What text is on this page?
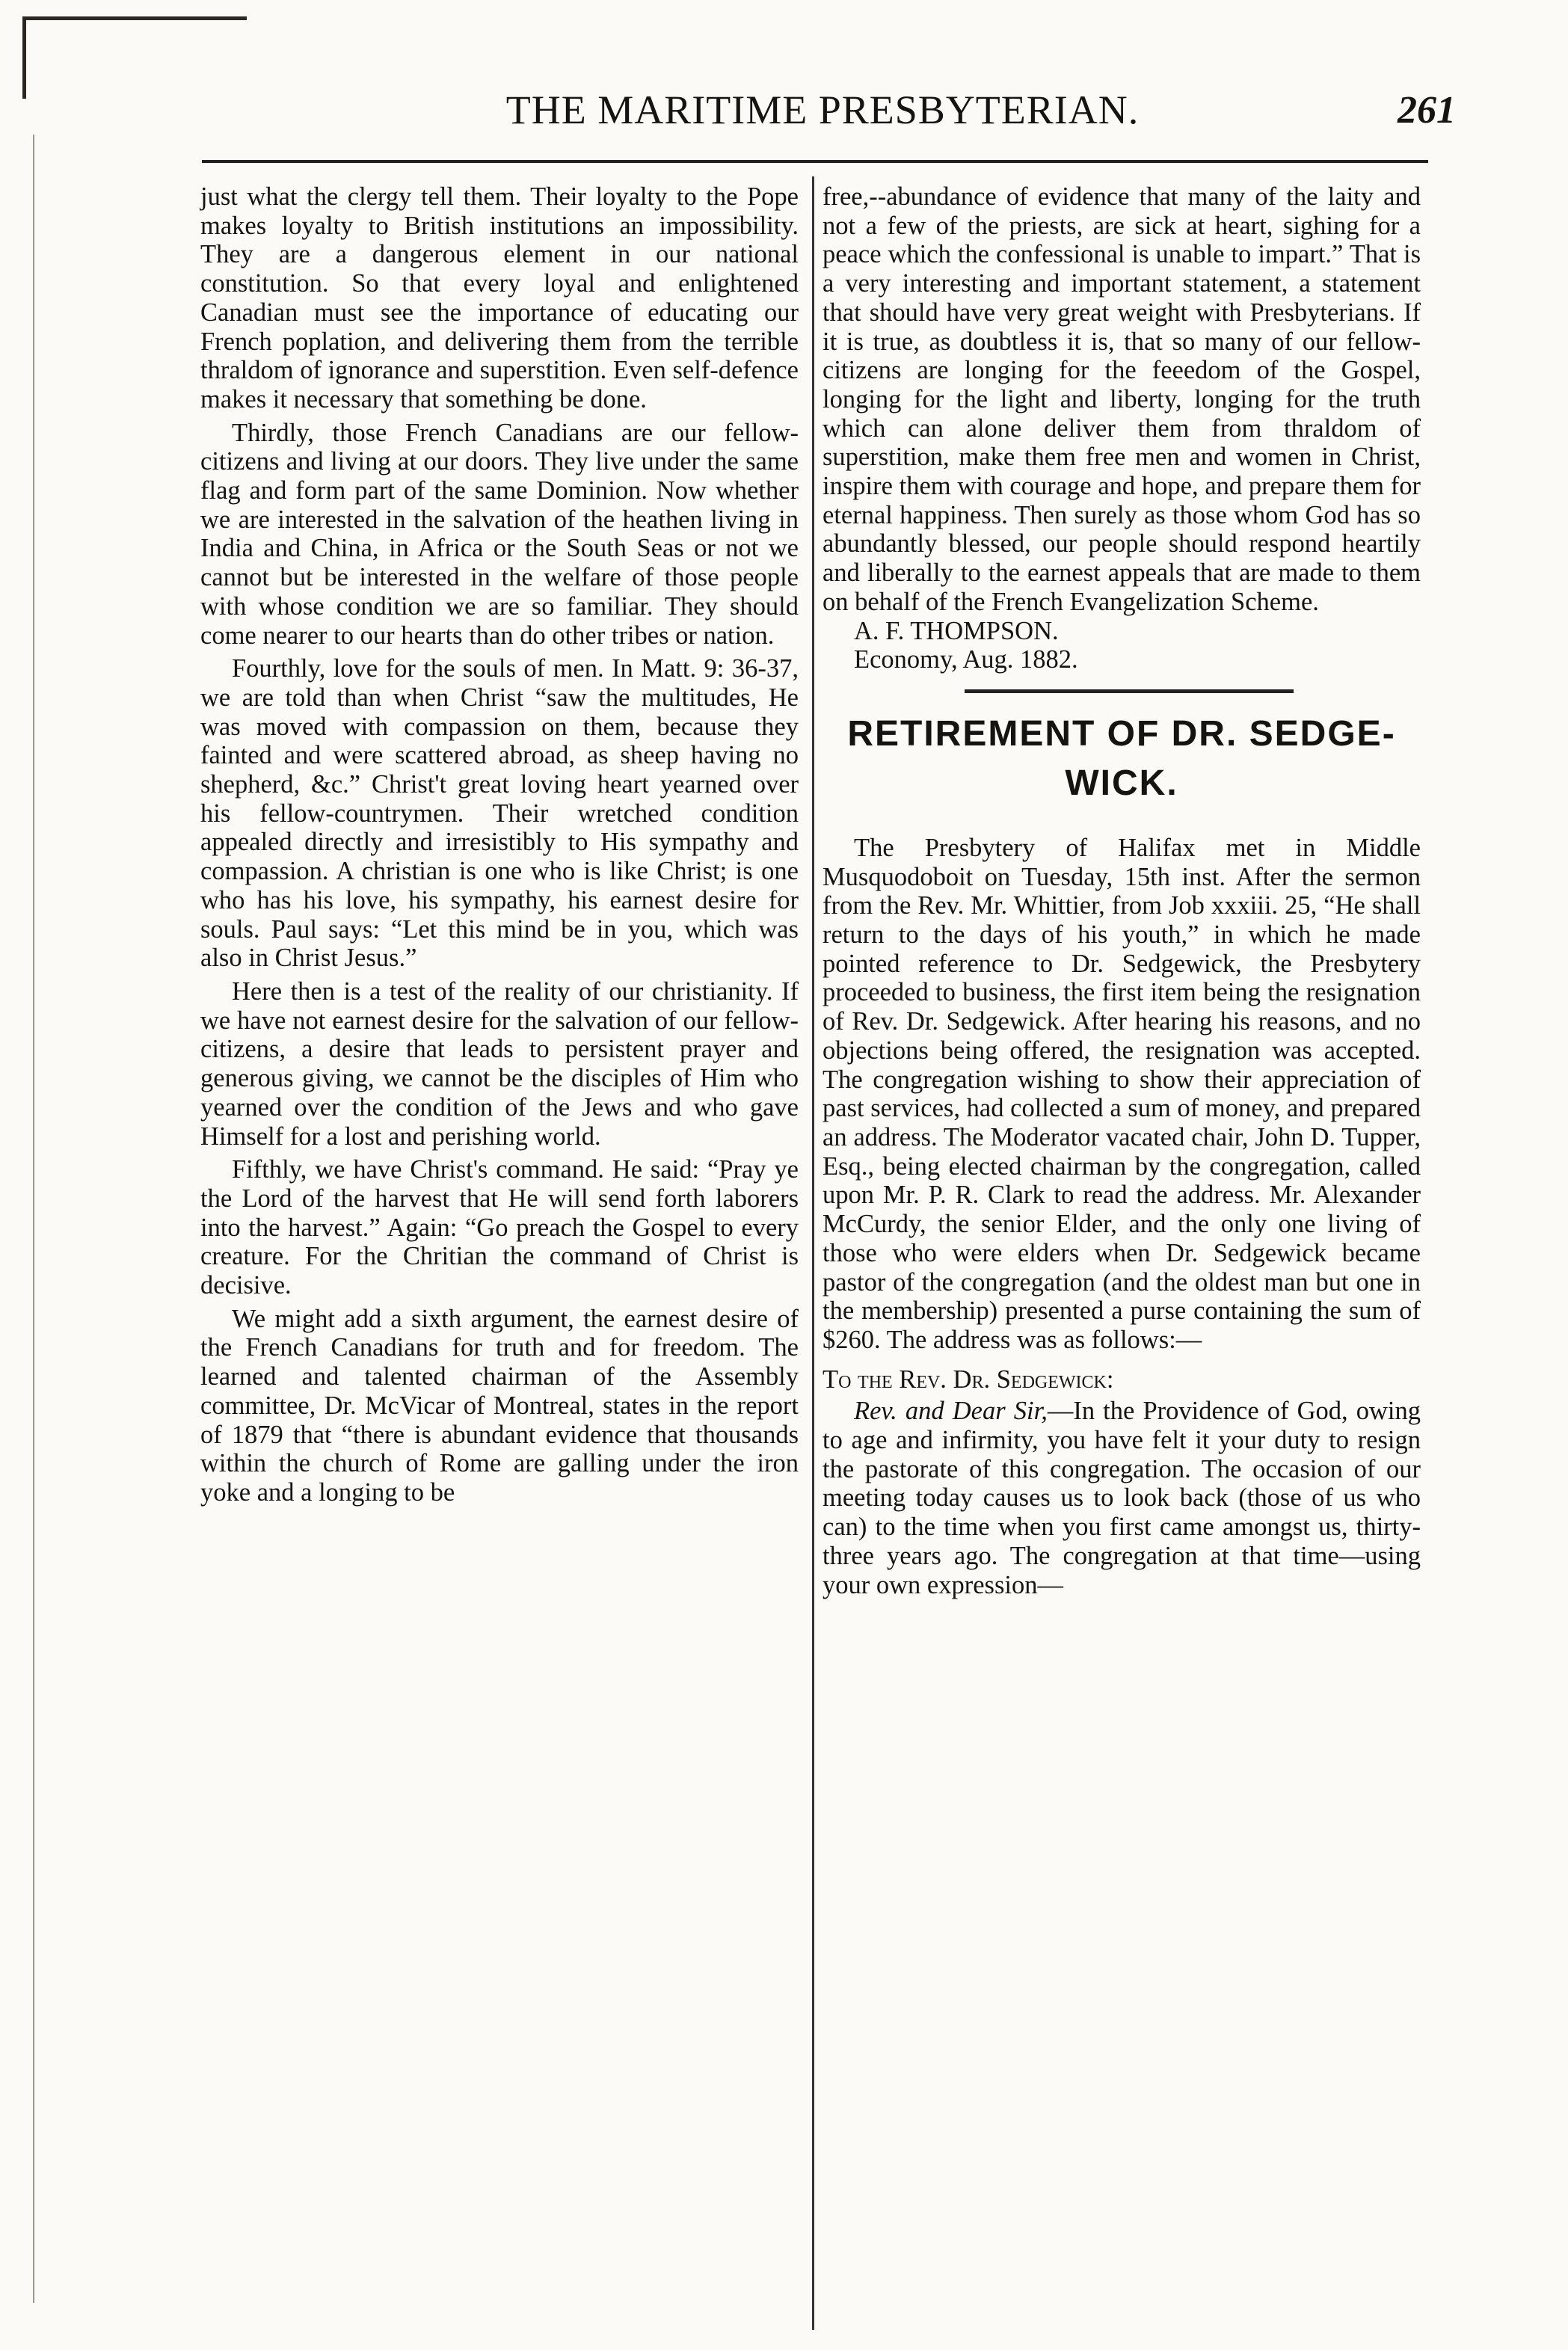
THE MARITIME PRESBYTERIAN.	261

just what the clergy tell them. Their loyalty to the Pope makes loyalty to British institutions an impossibility. They are a dangerous element in our national constitution. So that every loyal and enlightened Canadian must see the importance of educating our French poplation, and delivering them from the terrible thraldom of ignorance and superstition. Even self-defence makes it necessary that something be done.

Thirdly, those French Canadians are our fellow-citizens and living at our doors. They live under the same flag and form part of the same Dominion. Now whether we are interested in the salvation of the heathen living in India and China, in Africa or the South Seas or not we cannot but be interested in the welfare of those people with whose condition we are so familiar. They should come nearer to our hearts than do other tribes or nation.

Fourthly, love for the souls of men. In Matt. 9: 36-37, we are told than when Christ “saw the multitudes, He was moved with compassion on them, because they fainted and were scattered abroad, as sheep having no shepherd, &c.” Christ't great loving heart yearned over his fellow-countrymen. Their wretched condition appealed directly and irresistibly to His sympathy and compassion. A christian is one who is like Christ; is one who has his love, his sympathy, his earnest desire for souls. Paul says: “Let this mind be in you, which was also in Christ Jesus.”

Here then is a test of the reality of our christianity. If we have not earnest desire for the salvation of our fellow-citizens, a desire that leads to persistent prayer and generous giving, we cannot be the disciples of Him who yearned over the condition of the Jews and who gave Himself for a lost and perishing world.

Fifthly, we have Christ's command. He said: “Pray ye the Lord of the harvest that He will send forth laborers into the harvest.” Again: “Go preach the Gospel to every creature. For the Chritian the command of Christ is decisive.

We might add a sixth argument, the earnest desire of the French Canadians for truth and for freedom. The learned and talented chairman of the Assembly committee, Dr. McVicar of Montreal, states in the report of 1879 that “there is abundant evidence that thousands within the church of Rome are galling under the iron yoke and a longing to be

free,--abundance of evidence that many of the laity and not a few of the priests, are sick at heart, sighing for a peace which the confessional is unable to impart.” That is a very interesting and important statement, a statement that should have very great weight with Presbyterians. If it is true, as doubtless it is, that so many of our fellow-citizens are longing for the feeedom of the Gospel, longing for the light and liberty, longing for the truth which can alone deliver them from thraldom of superstition, make them free men and women in Christ, inspire them with courage and hope, and prepare them for eternal happiness. Then surely as those whom God has so abundantly blessed, our people should respond heartily and liberally to the earnest appeals that are made to them on behalf of the French Evangelization Scheme.

A. F. THOMPSON.

Economy, Aug. 1882.

RETIREMENT OF DR. SEDGE-
WICK.

The Presbytery of Halifax met in Middle Musquodoboit on Tuesday, 15th inst. After the sermon from the Rev. Mr. Whittier, from Job xxxiii. 25, “He shall return to the days of his youth,” in which he made pointed reference to Dr. Sedgewick, the Presbytery proceeded to business, the first item being the resignation of Rev. Dr. Sedgewick. After hearing his reasons, and no objections being offered, the resignation was accepted. The congregation wishing to show their appreciation of past services, had collected a sum of money, and prepared an address. The Moderator vacated chair, John D. Tupper, Esq., being elected chairman by the congregation, called upon Mr. P. R. Clark to read the address. Mr. Alexander McCurdy, the senior Elder, and the only one living of those who were elders when Dr. Sedgewick became pastor of the congregation (and the oldest man but one in the membership) presented a purse containing the sum of $260. The address was as follows:—

To the Rev. Dr. Sedgewick:

Rev. and Dear Sir,—In the Providence of God, owing to age and infirmity, you have felt it your duty to resign the pastorate of this congregation. The occasion of our meeting today causes us to look back (those of us who can) to the time when you first came amongst us, thirty-three years ago. The congregation at that time—using your own expression—
